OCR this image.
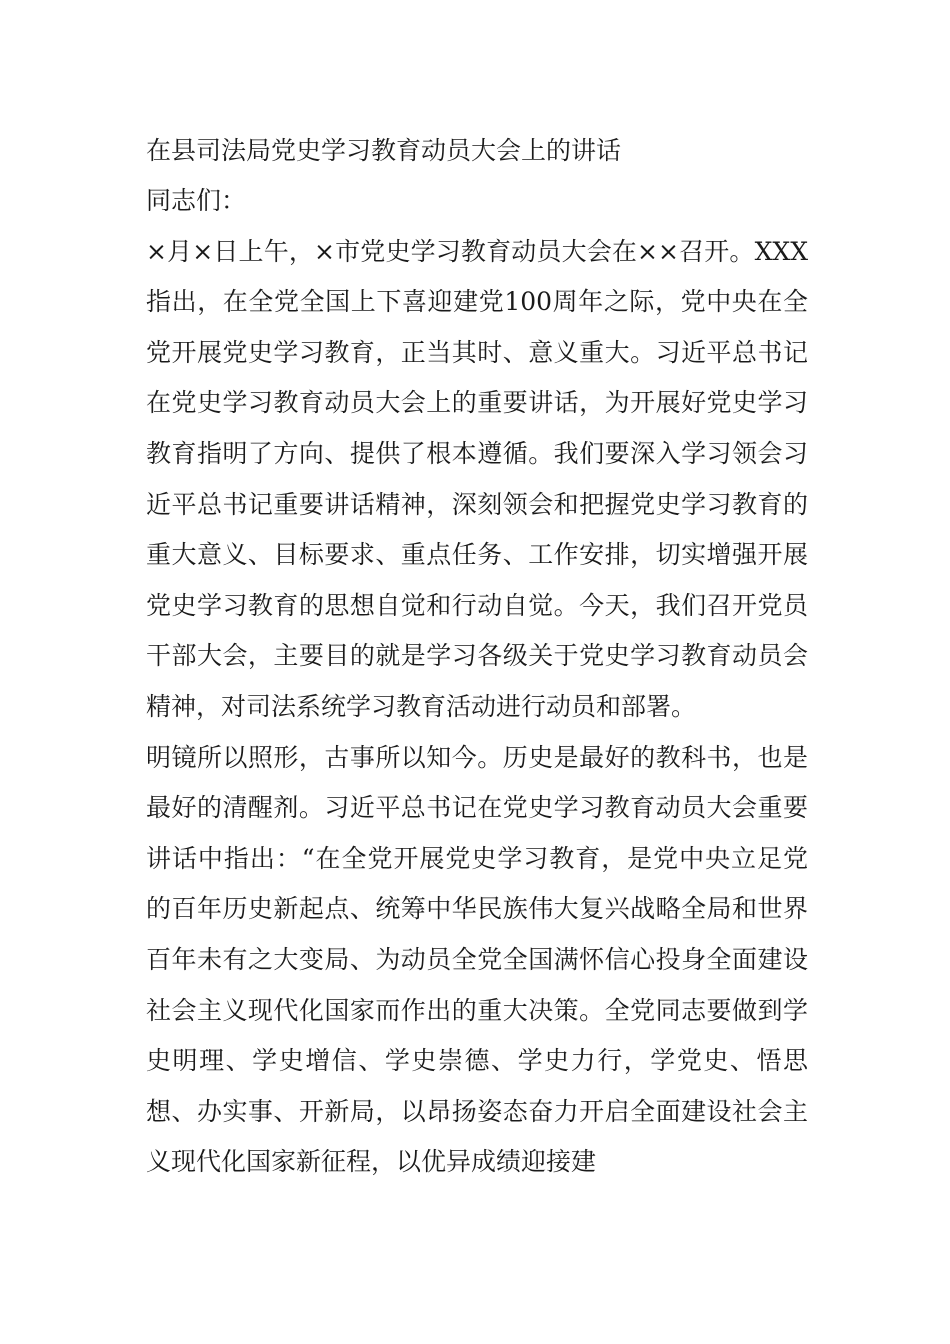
在县司法局党史学习教育动员大会上的讲话

同志们：

×月×日上午，×市党史学习教育动员大会在××召开。XXX指出，在全党全国上下喜迎建党100周年之际，党中央在全党开展党史学习教育，正当其时、意义重大。习近平总书记在党史学习教育动员大会上的重要讲话，为开展好党史学习教育指明了方向、提供了根本遵循。我们要深入学习领会习近平总书记重要讲话精神，深刻领会和把握党史学习教育的重大意义、目标要求、重点任务、工作安排，切实增强开展党史学习教育的思想自觉和行动自觉。今天，我们召开党员干部大会，主要目的就是学习各级关于党史学习教育动员会精神，对司法系统学习教育活动进行动员和部署。

明镜所以照形，古事所以知今。历史是最好的教科书，也是最好的清醒剂。习近平总书记在党史学习教育动员大会重要讲话中指出：“在全党开展党史学习教育，是党中央立足党的百年历史新起点、统筹中华民族伟大复兴战略全局和世界百年未有之大变局、为动员全党全国满怀信心投身全面建设社会主义现代化国家而作出的重大决策。全党同志要做到学史明理、学史增信、学史崇德、学史力行，学党史、悟思想、办实事、开新局，以昂扬姿态奋力开启全面建设社会主义现代化国家新征程，以优异成绩迎接建
